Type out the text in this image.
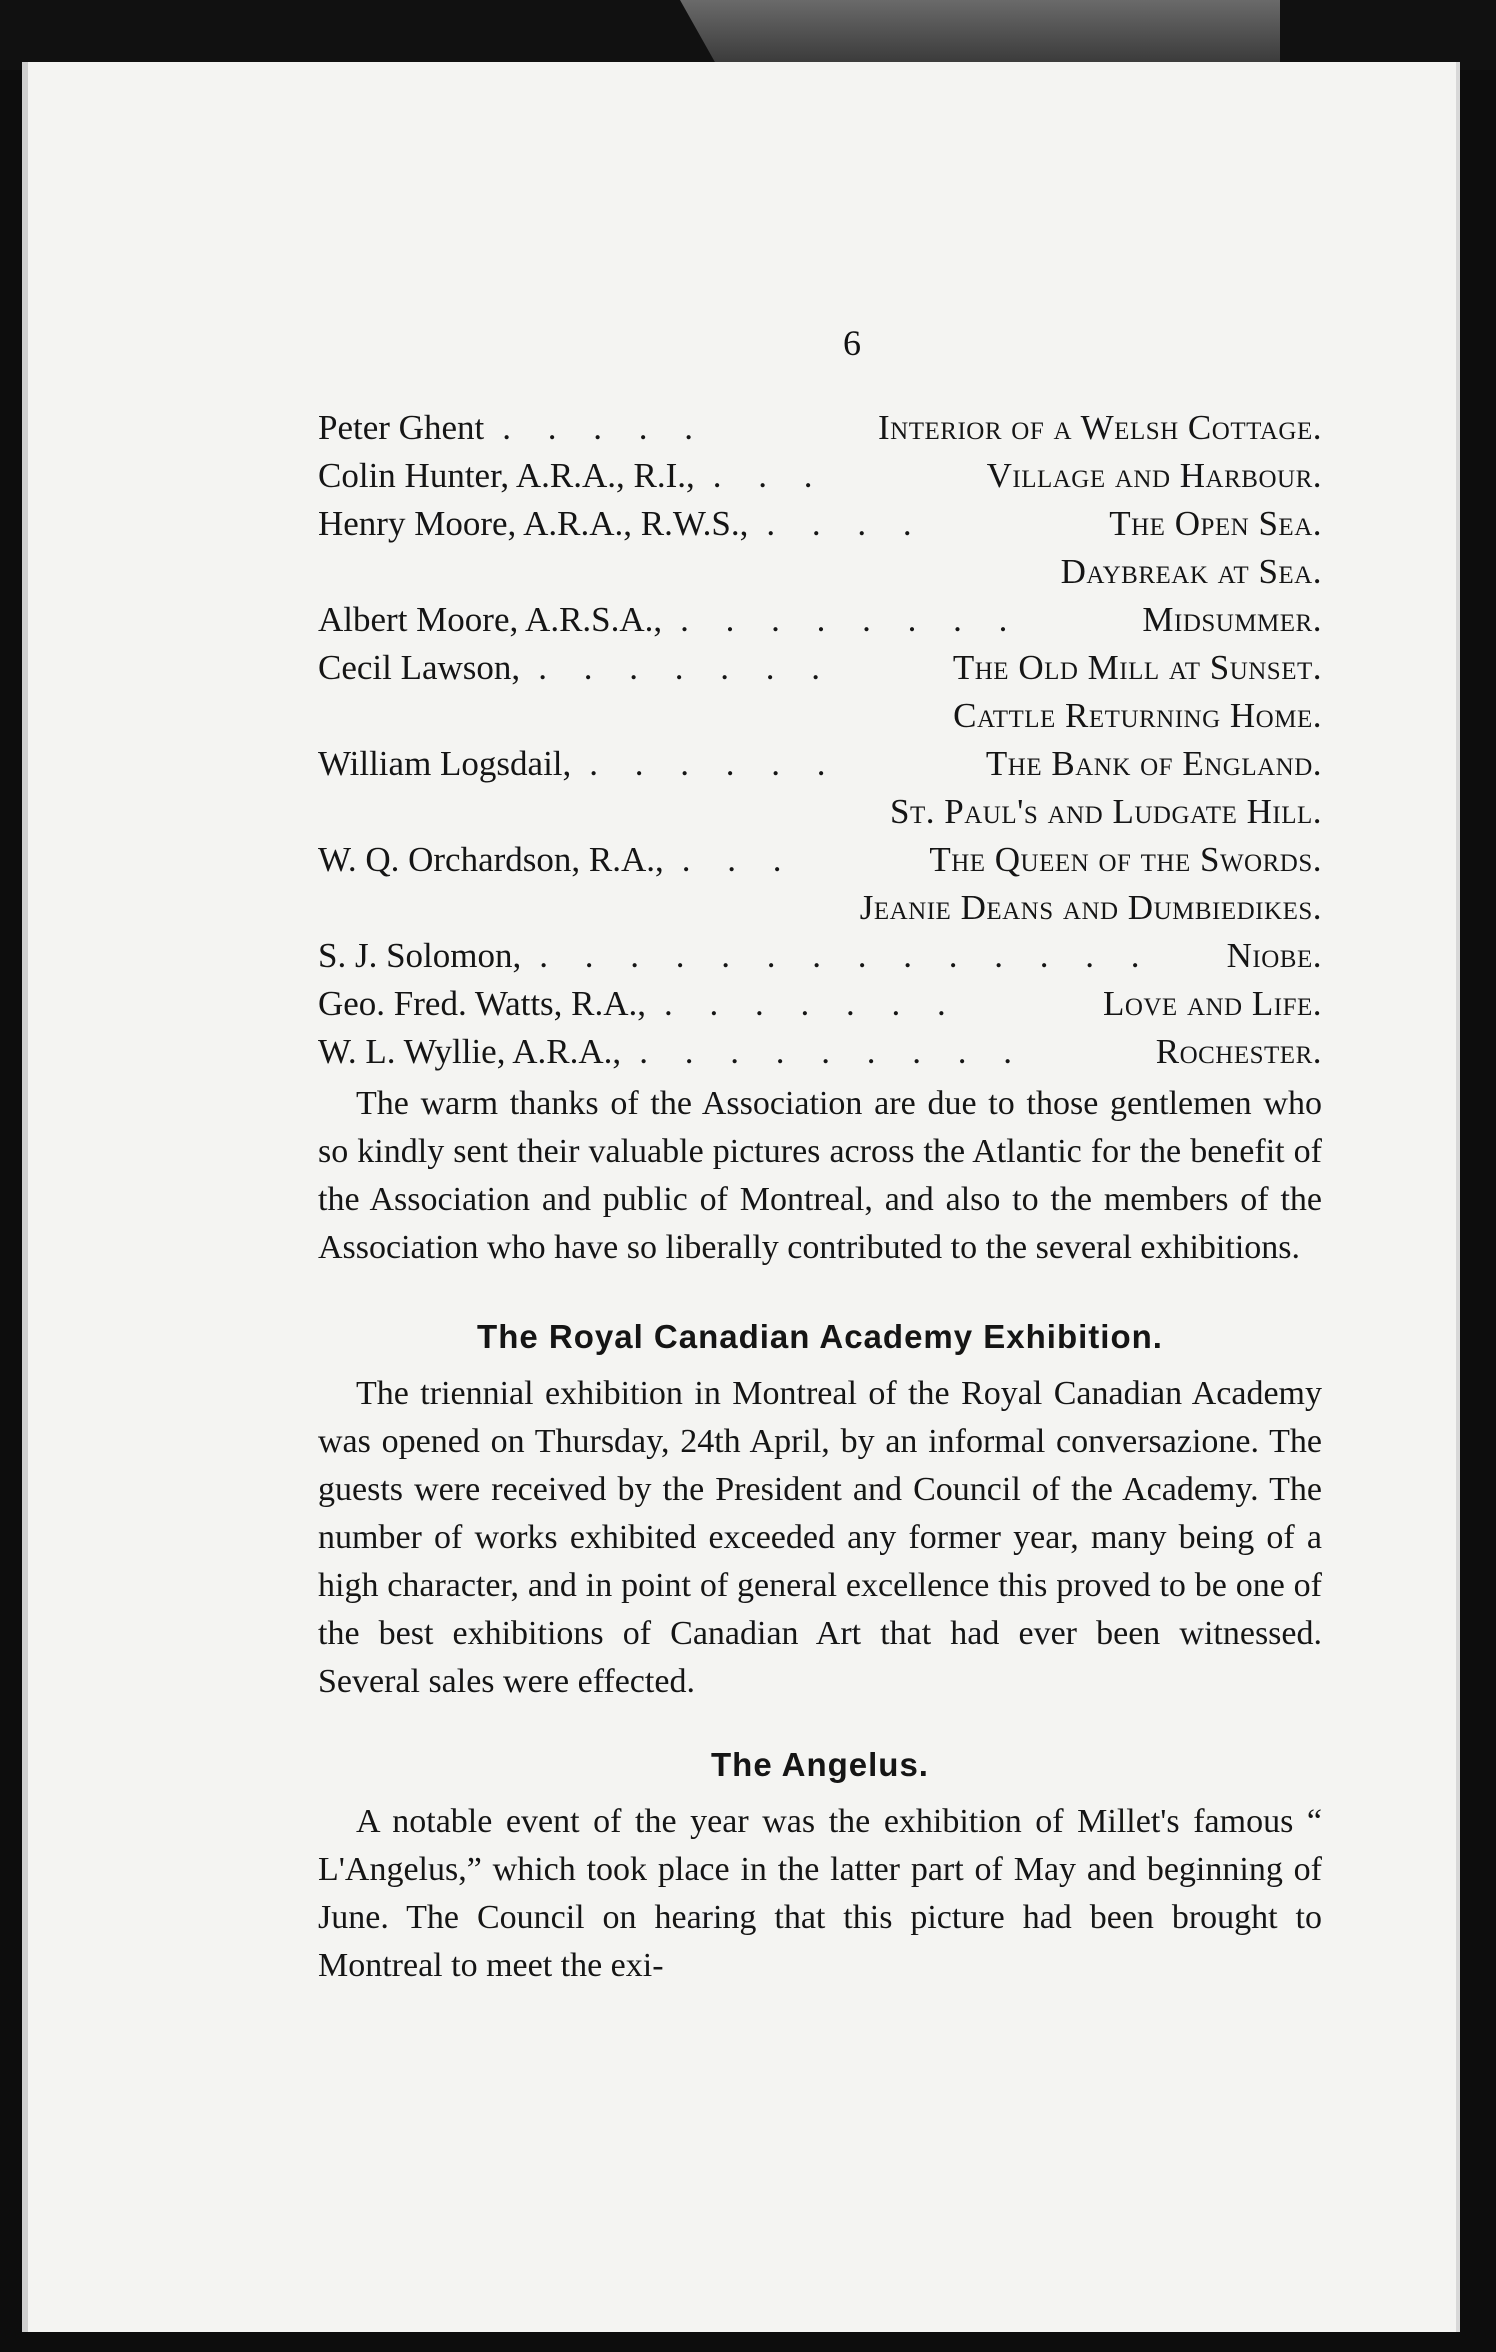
6
Peter Ghent . . . . .	Interior of a Welsh Cottage.
Colin Hunter, A.R.A., R.I., . . .	Village and Harbour.
Henry Moore, A.R.A., R.W.S., . . . .	The Open Sea.
Daybreak at Sea.
Albert Moore, A.R.S.A., . . . . . . . .	Midsummer.
Cecil Lawson, . . . . . . .	The Old Mill at Sunset.
Cattle Returning Home.
William Logsdail, . . . . . .	The Bank of England.
St. Paul's and Ludgate Hill.
W. Q. Orchardson, R.A., . . .	The Queen of the Swords.
Jeanie Deans and Dumbiedikes.
S. J. Solomon, . . . . . . . . . . . . . . Niobe.
Geo. Fred. Watts, R.A., . . . . . . .	Love and Life.
W. L. Wyllie, A.R.A., . . . . . . . . .	Rochester.

The warm thanks of the Association are due to those gentlemen who so kindly sent their valuable pictures across the Atlantic for the benefit of the Association and public of Montreal, and also to the members of the Association who have so liberally contributed to the several exhibitions.

The Royal Canadian Academy Exhibition.

The triennial exhibition in Montreal of the Royal Canadian Academy was opened on Thursday, 24th April, by an informal conversazione. The guests were received by the President and Council of the Academy. The number of works exhibited exceeded any former year, many being of a high character, and in point of general excellence this proved to be one of the best exhibitions of Canadian Art that had ever been witnessed. Several sales were effected.

The Angelus.

A notable event of the year was the exhibition of Millet's famous “ L'Angelus,” which took place in the latter part of May and beginning of June. The Council on hearing that this picture had been brought to Montreal to meet the exi-
